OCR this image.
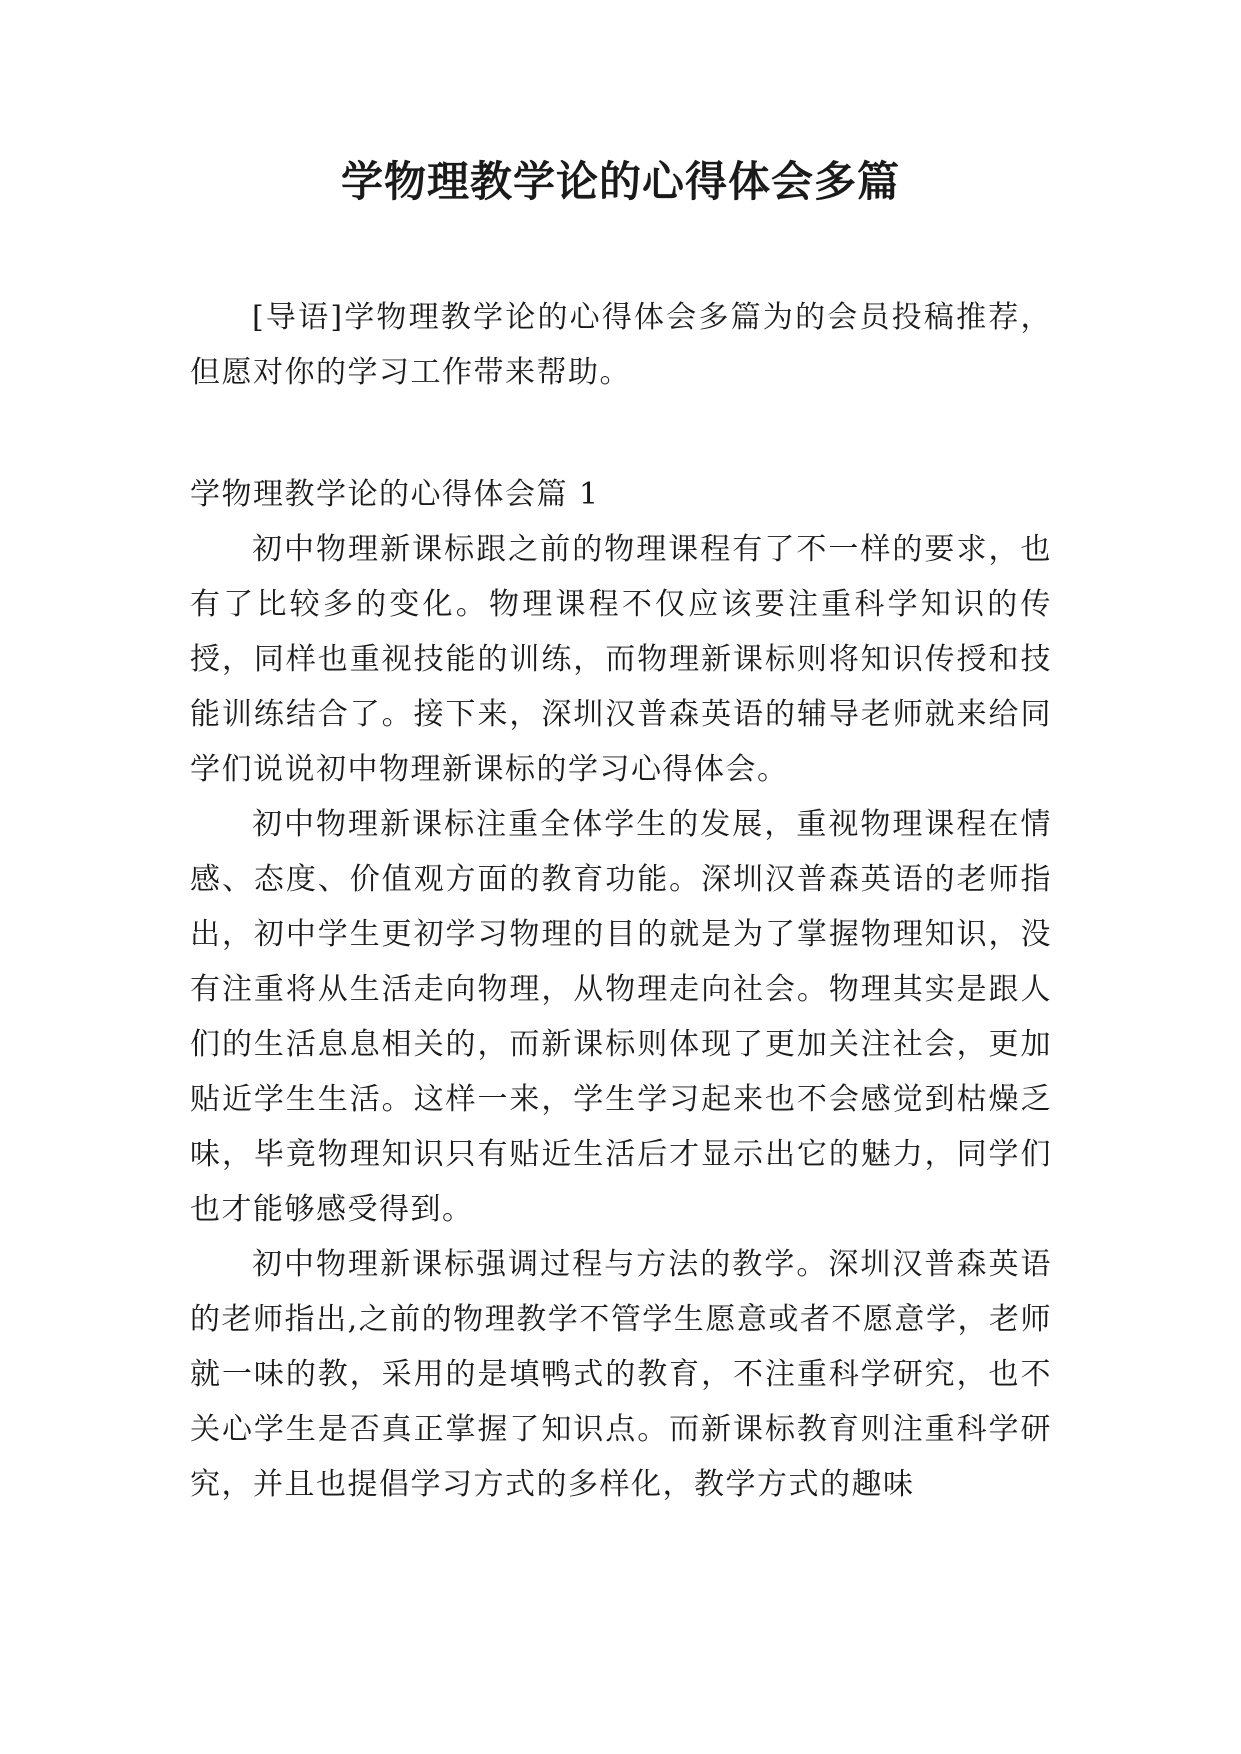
学物理教学论的心得体会多篇

[导语]学物理教学论的心得体会多篇为的会员投稿推荐，但愿对你的学习工作带来帮助。

学物理教学论的心得体会篇 1

初中物理新课标跟之前的物理课程有了不一样的要求，也有了比较多的变化。物理课程不仅应该要注重科学知识的传授，同样也重视技能的训练，而物理新课标则将知识传授和技能训练结合了。接下来，深圳汉普森英语的辅导老师就来给同学们说说初中物理新课标的学习心得体会。

初中物理新课标注重全体学生的发展，重视物理课程在情感、态度、价值观方面的教育功能。深圳汉普森英语的老师指出，初中学生更初学习物理的目的就是为了掌握物理知识，没有注重将从生活走向物理，从物理走向社会。物理其实是跟人们的生活息息相关的，而新课标则体现了更加关注社会，更加贴近学生生活。这样一来，学生学习起来也不会感觉到枯燥乏味，毕竟物理知识只有贴近生活后才显示出它的魅力，同学们也才能够感受得到。

初中物理新课标强调过程与方法的教学。深圳汉普森英语的老师指出,之前的物理教学不管学生愿意或者不愿意学，老师就一味的教，采用的是填鸭式的教育，不注重科学研究，也不关心学生是否真正掌握了知识点。而新课标教育则注重科学研究，并且也提倡学习方式的多样化，教学方式的趣味
